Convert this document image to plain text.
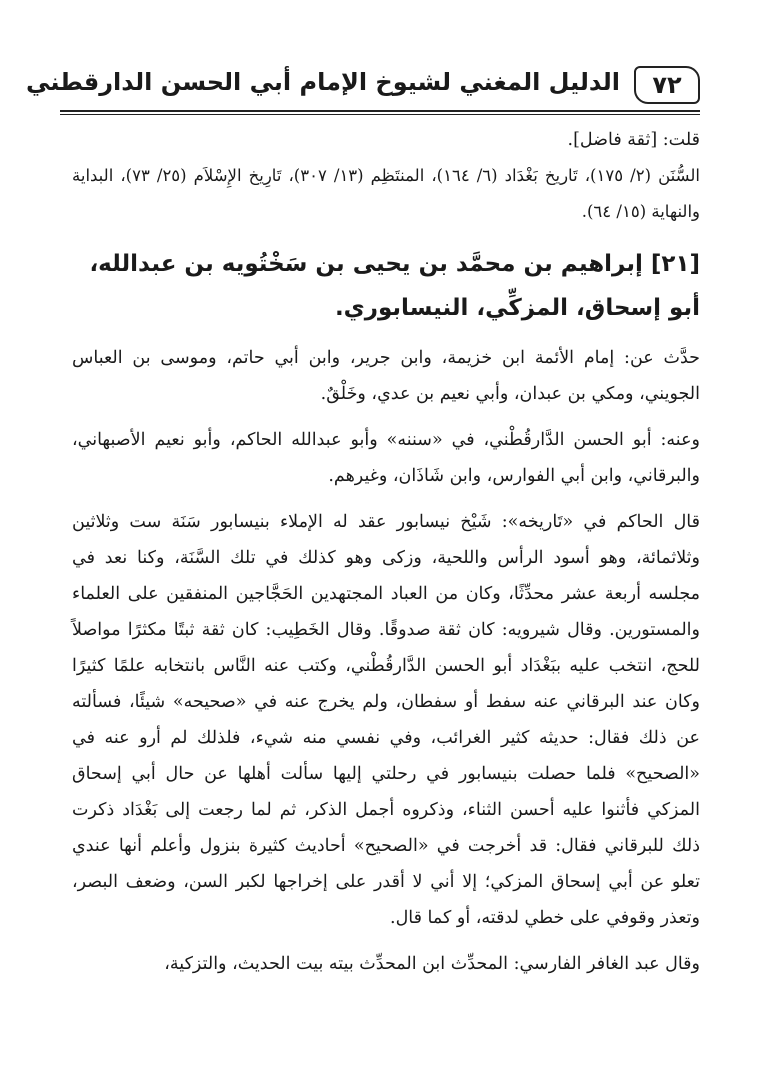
٧٢
الدليل المغني لشيوخ الإمام أبي الحسن الدارقطني

قلت: [ثقة فاضل].

السُّنَن (٢/ ١٧٥)، تَاريخ بَغْدَاد (٦/ ١٦٤)، المنتَظِم (١٣/ ٣٠٧)، تَارِيخ الإِسْلاَم (٢٥/ ٧٣)، البداية والنهاية (١٥/ ٦٤).

[٢١] إبراهيم بن محمَّد بن يحيى بن سَخْتُويه بن عبدالله، أبو إسحاق، المزكِّي، النيسابوري.

حدَّث عن: إمام الأئمة ابن خزيمة، وابن جرير، وابن أبي حاتم، وموسى بن العباس الجويني، ومكي بن عبدان، وأبي نعيم بن عدي، وخَلْقٌ.

وعنه: أبو الحسن الدَّارقُطْني، في «سننه» وأبو عبدالله الحاكم، وأبو نعيم الأصبهاني، والبرقاني، وابن أبي الفوارس، وابن شَاذَان، وغيرهم.

قال الحاكم في «تَاريخه»: شَيْخ نيسابور عقد له الإملاء بنيسابور سَنَة ست وثلاثين وثلاثمائة، وهو أسود الرأس واللحية، وزكى وهو كذلك في تلك السَّنَة، وكنا نعد في مجلسه أربعة عشر محدِّثًا، وكان من العباد المجتهدين الحَجَّاجين المنفقين على العلماء والمستورين. وقال شيرويه: كان ثقة صدوقًا. وقال الخَطِيب: كان ثقة ثبتًا مكثرًا مواصلاً للحج، انتخب عليه ببَغْدَاد أبو الحسن الدَّارقُطْني، وكتب عنه النَّاس بانتخابه علمًا كثيرًا وكان عند البرقاني عنه سفط أو سفطان، ولم يخرج عنه في «صحيحه» شيئًا، فسألته عن ذلك فقال: حديثه كثير الغرائب، وفي نفسي منه شيء، فلذلك لم أرو عنه في «الصحيح» فلما حصلت بنيسابور في رحلتي إليها سألت أهلها عن حال أبي إسحاق المزكي فأثنوا عليه أحسن الثناء، وذكروه أجمل الذكر، ثم لما رجعت إلى بَغْدَاد ذكرت ذلك للبرقاني فقال: قد أخرجت في «الصحيح» أحاديث كثيرة بنزول وأعلم أنها عندي تعلو عن أبي إسحاق المزكي؛ إلا أني لا أقدر على إخراجها لكبر السن، وضعف البصر، وتعذر وقوفي على خطي لدقته، أو كما قال.

وقال عبد الغافر الفارسي: المحدِّث ابن المحدِّث بيته بيت الحديث، والتزكية،
